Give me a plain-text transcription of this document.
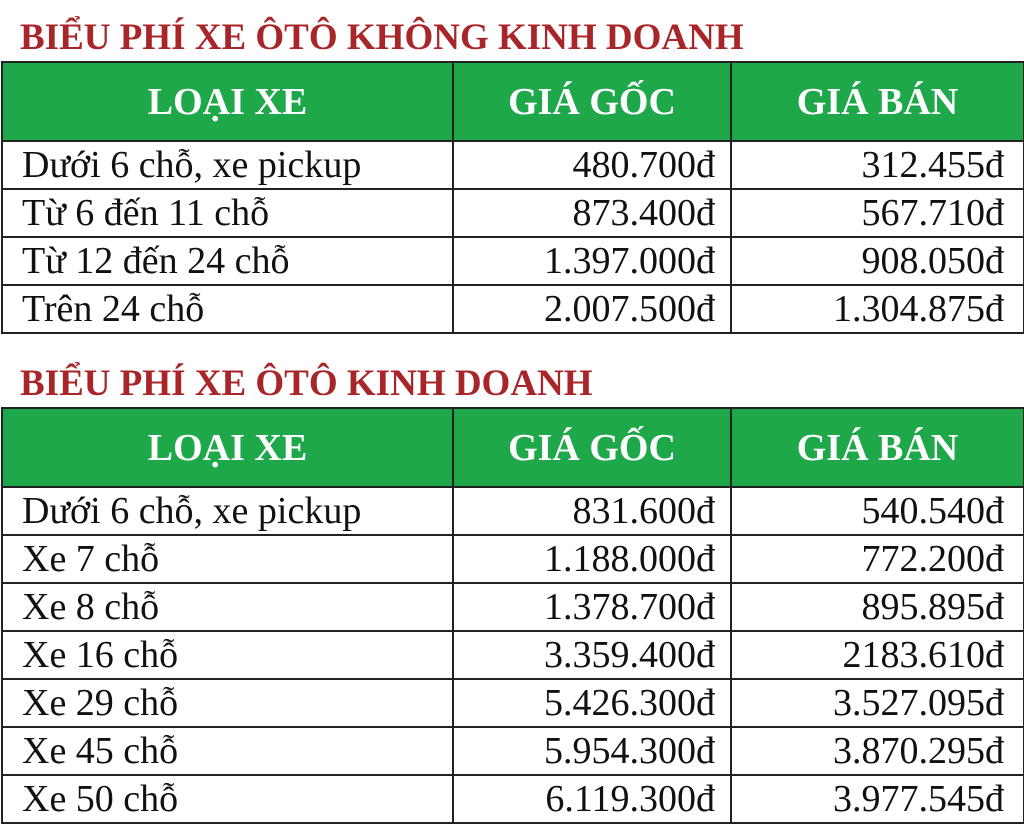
BIỂU PHÍ XE ÔTÔ KHÔNG KINH DOANH
LOẠI XE	GIÁ GỐC	GIÁ BÁN
Dưới 6 chỗ, xe pickup	480.700đ	312.455đ
Từ 6 đến 11 chỗ	873.400đ	567.710đ
Từ 12 đến 24 chỗ	1.397.000đ	908.050đ
Trên 24 chỗ	2.007.500đ	1.304.875đ
BIỂU PHÍ XE ÔTÔ KINH DOANH
LOẠI XE	GIÁ GỐC	GIÁ BÁN
Dưới 6 chỗ, xe pickup	831.600đ	540.540đ
Xe 7 chỗ	1.188.000đ	772.200đ
Xe 8 chỗ	1.378.700đ	895.895đ
Xe 16 chỗ	3.359.400đ	2183.610đ
Xe 29 chỗ	5.426.300đ	3.527.095đ
Xe 45 chỗ	5.954.300đ	3.870.295đ
Xe 50 chỗ	6.119.300đ	3.977.545đ
